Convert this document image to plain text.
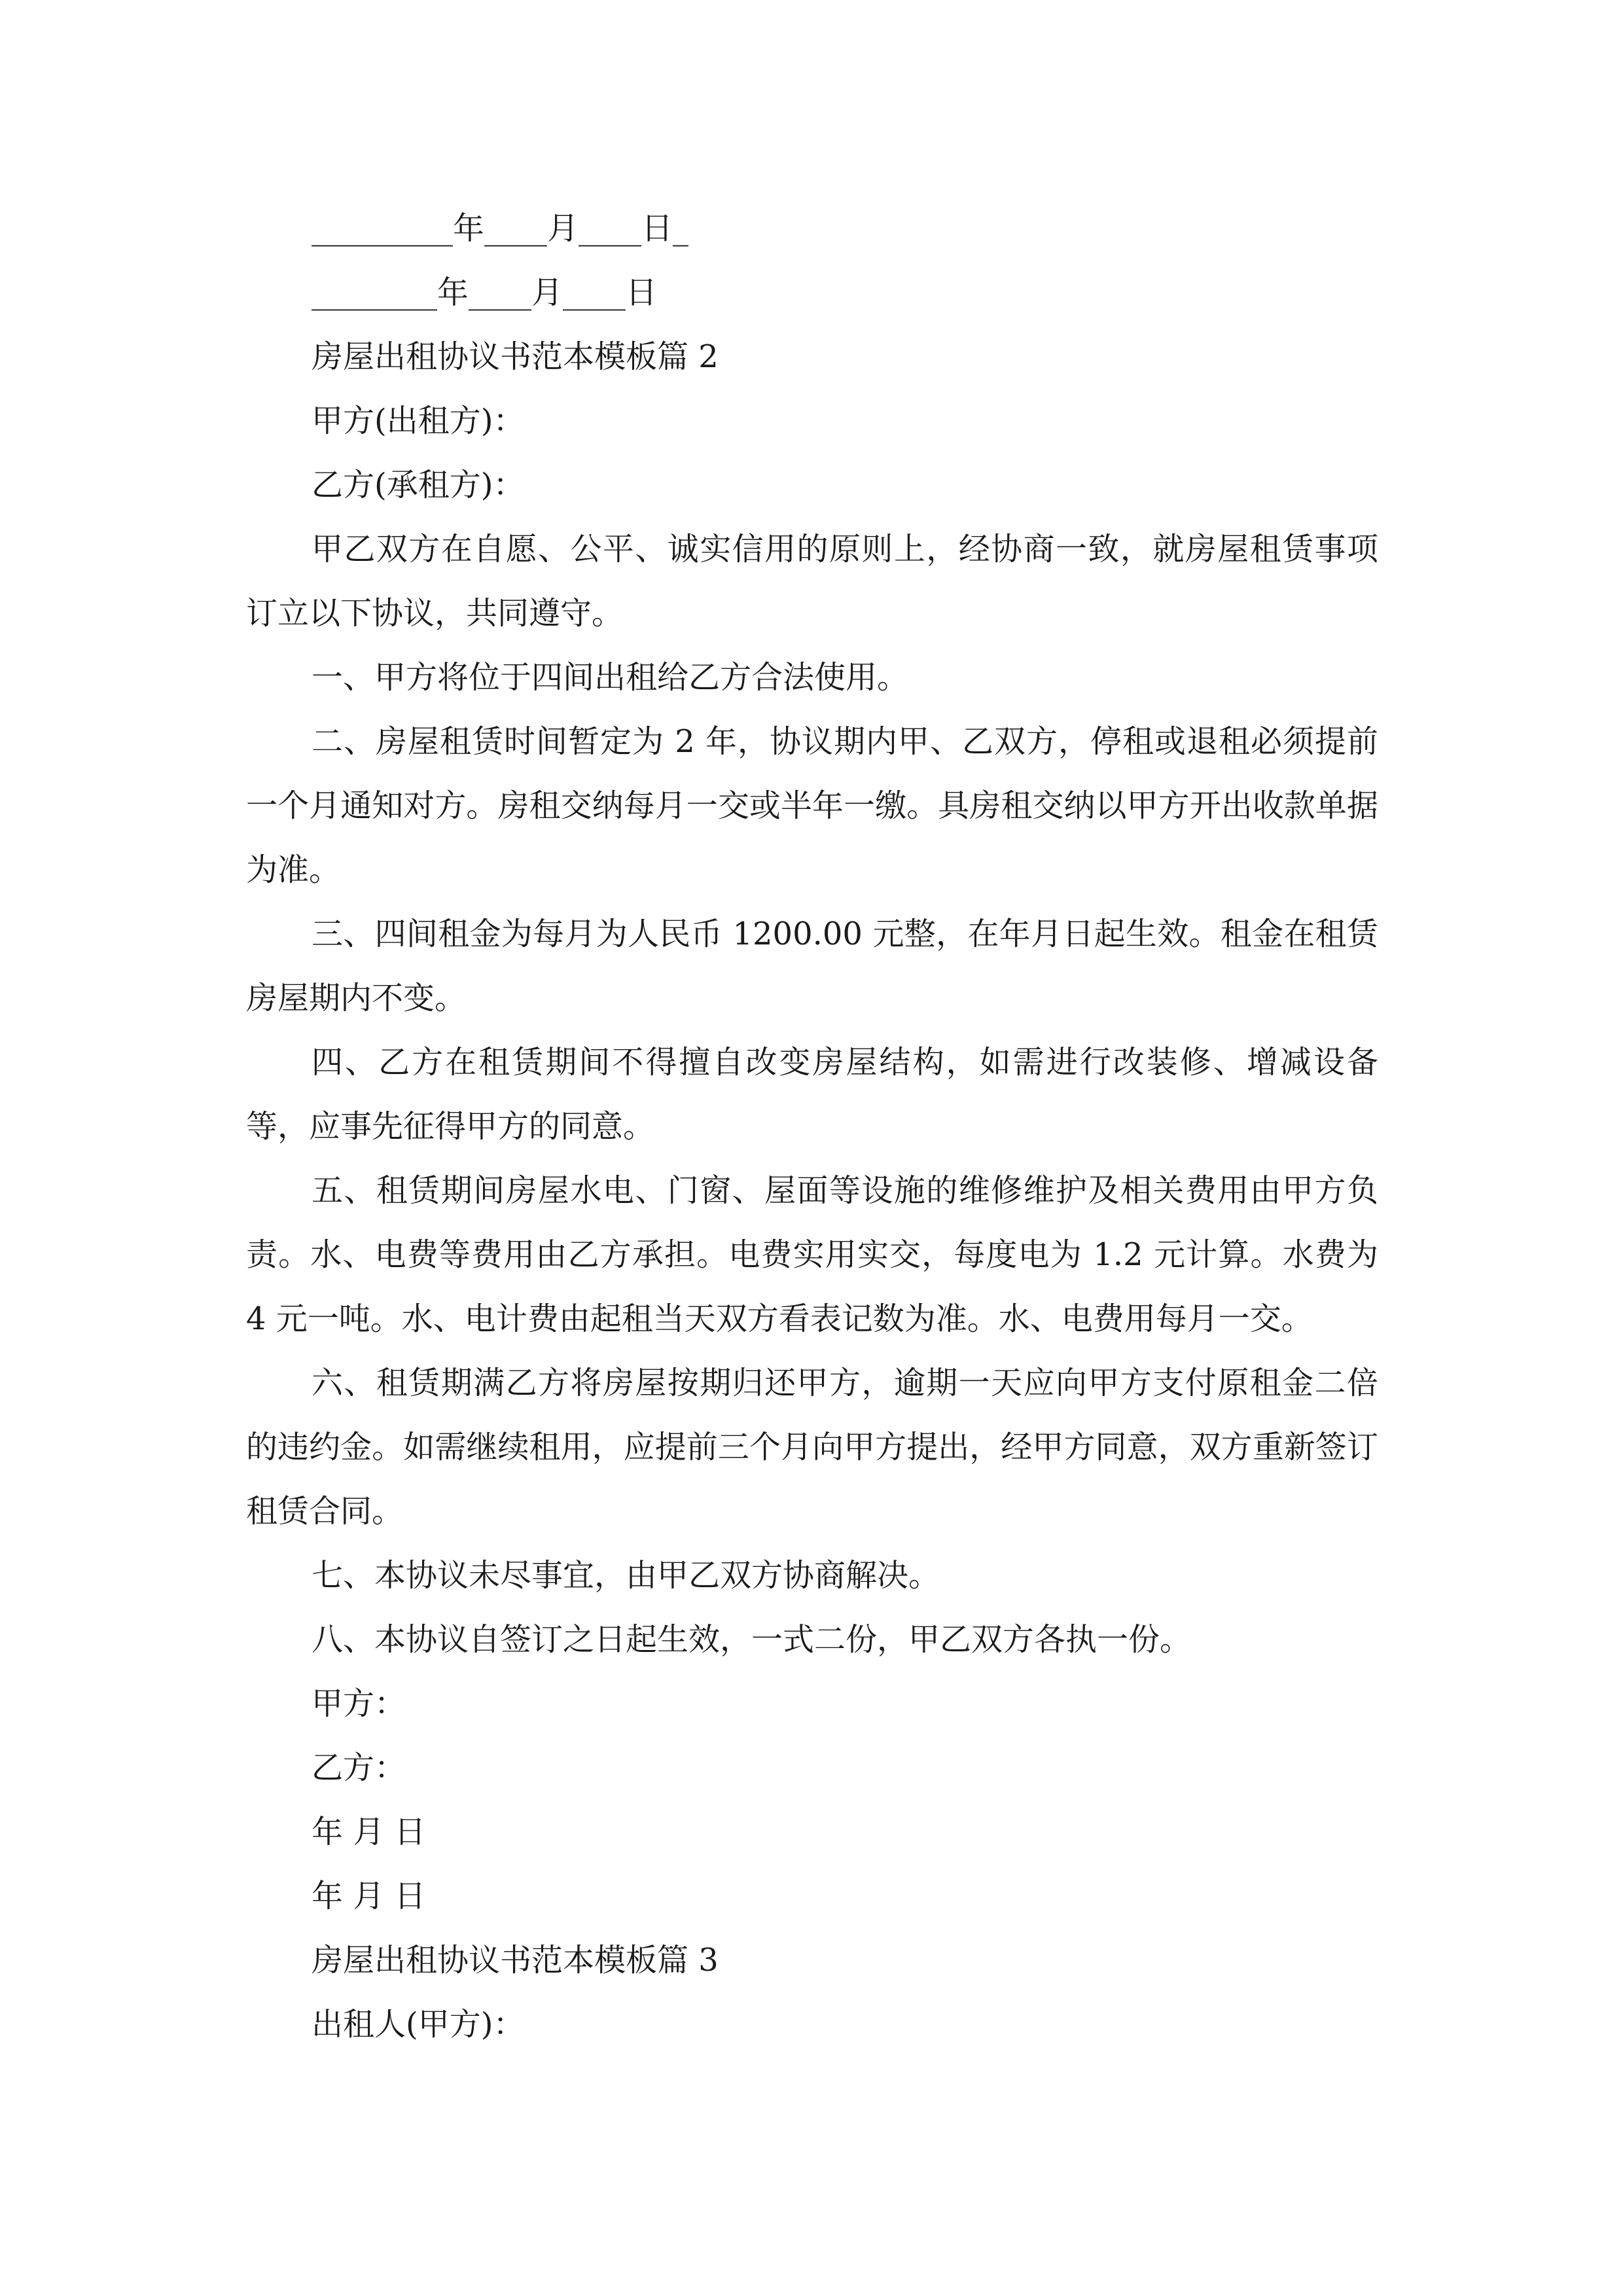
_________年____月____日_
________年____月____日
房屋出租协议书范本模板篇 2
甲方(出租方)：
乙方(承租方)：

甲乙双方在自愿、公平、诚实信用的原则上，经协商一致，就房屋租赁事项订立以下协议，共同遵守。

一、甲方将位于四间出租给乙方合法使用。

二、房屋租赁时间暂定为 2 年，协议期内甲、乙双方，停租或退租必须提前一个月通知对方。房租交纳每月一交或半年一缴。具房租交纳以甲方开出收款单据为准。

三、四间租金为每月为人民币 1200.00 元整，在年月日起生效。租金在租赁房屋期内不变。

四、乙方在租赁期间不得擅自改变房屋结构，如需进行改装修、增减设备等，应事先征得甲方的同意。

五、租赁期间房屋水电、门窗、屋面等设施的维修维护及相关费用由甲方负责。水、电费等费用由乙方承担。电费实用实交，每度电为 1.2 元计算。水费为 4 元一吨。水、电计费由起租当天双方看表记数为准。水、电费用每月一交。

六、租赁期满乙方将房屋按期归还甲方，逾期一天应向甲方支付原租金二倍的违约金。如需继续租用，应提前三个月向甲方提出，经甲方同意，双方重新签订租赁合同。

七、本协议未尽事宜，由甲乙双方协商解决。

八、本协议自签订之日起生效，一式二份，甲乙双方各执一份。

甲方：
乙方：
年 月 日
年 月 日
房屋出租协议书范本模板篇 3
出租人(甲方)：
